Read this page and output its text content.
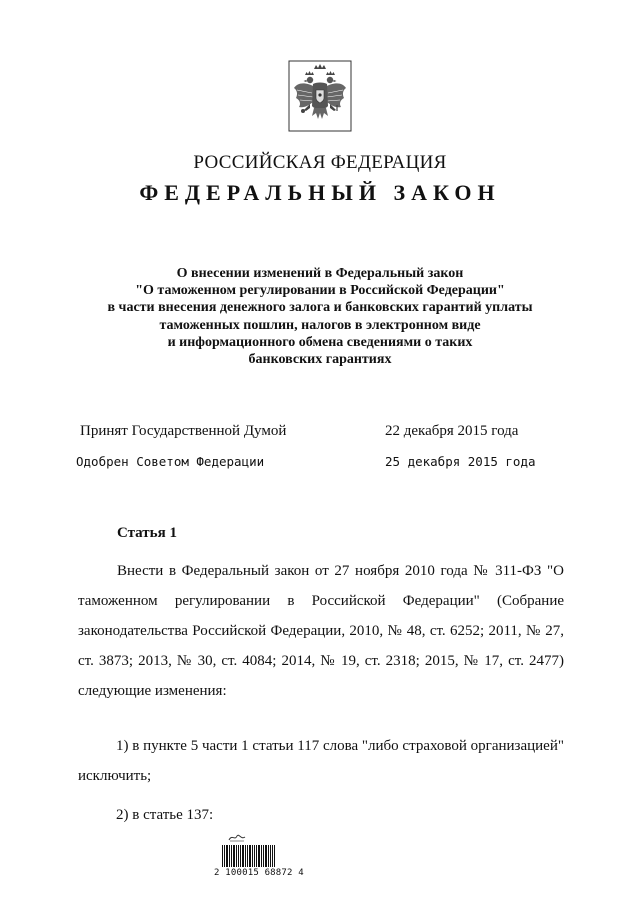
РОССИЙСКАЯ ФЕДЕРАЦИЯ
ФЕДЕРАЛЬНЫЙ ЗАКОН
О внесении изменений в Федеральный закон
"О таможенном регулировании в Российской Федерации"
в части внесения денежного залога и банковских гарантий уплаты
таможенных пошлин, налогов в электронном виде
и информационного обмена сведениями о таких
банковских гарантиях
Принят Государственной Думой	22 декабря 2015 года
Одобрен Советом Федерации	25 декабря 2015 года
Статья 1
Внести в Федеральный закон от 27 ноября 2010 года № 311-ФЗ "О таможенном регулировании в Российской Федерации" (Собрание законодательства Российской Федерации, 2010, № 48, ст. 6252; 2011, № 27, ст. 3873; 2013, № 30, ст. 4084; 2014, № 19, ст. 2318; 2015, № 17, ст. 2477) следующие изменения:
1) в пункте 5 части 1 статьи 117 слова "либо страховой организацией" исключить;
2) в статье 137:
2 100015 68872 4
